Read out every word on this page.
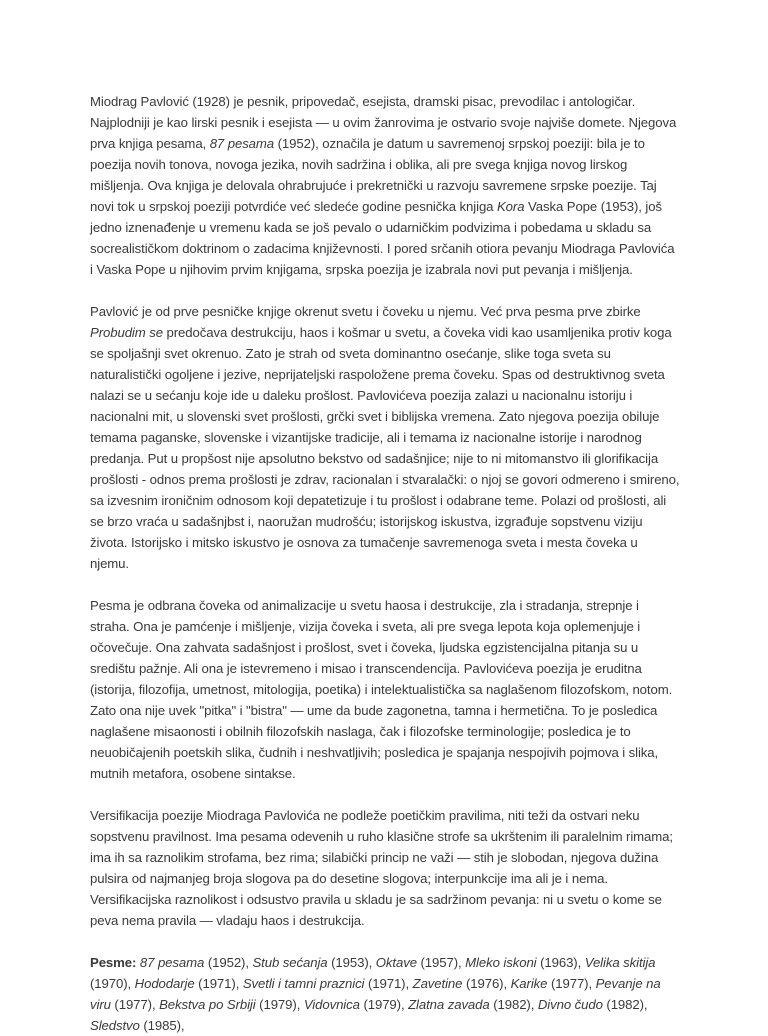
Miodrag Pavlović (1928) je pesnik, pripovedač, esejista, dramski pisac, prevodilac i antologičar.
Najplodniji je kao lirski pesnik i esejista — u ovim žanrovima je ostvario svoje najviše domete. Njegova prva knjiga pesama, 87 pesama (1952), označila je datum u savremenoj srpskoj poeziji: bila je to poezija novih tonova, novoga jezika, novih sadržina i oblika, ali pre svega knjiga novog lirskog mišljenja. Ova knjiga je delovala ohrabrujuće i prekretnički u razvoju savremene srpske poezije. Taj novi tok u srpskoj poeziji potvrdiće već sledeće godine pesnička knjiga Kora Vaska Pope (1953), još jedno iznenađenje u vremenu kada se još pevalo o udarničkim podvizima i pobedama u skladu sa socrealističkom doktrinom o zadacima književnosti. I pored srčanih otiora pevanju Miodraga Pavlovića i Vaska Pope u njihovim prvim knjigama, srpska poezija je izabrala novi put pevanja i mišljenja.

Pavlović je od prve pesničke knjige okrenut svetu i čoveku u njemu. Već prva pesma prve zbirke
Probudim se predočava destrukciju, haos i košmar u svetu, a čoveka vidi kao usamljenika protiv koga se spoljašnji svet okrenuo. Zato je strah od sveta dominantno osećanje, slike toga sveta su naturalistički ogoljene i jezive, neprijateljski raspoložene prema čoveku. Spas od destruktivnog sveta nalazi se u sećanju koje ide u daleku prošlost. Pavlovićeva poezija zalazi u nacionalnu istoriju i nacionalni mit, u slovenski svet prošlosti, grčki svet i biblijska vremena. Zato njegova poezija obiluje temama paganske, slovenske i vizantijske tradicije, ali i temama iz nacionalne istorije i narodnog predanja. Put u propšost nije apsolutno bekstvo od sadašnjice; nije to ni mitomanstvo ili glorifikacija prošlosti - odnos prema prošlosti je zdrav, racionalan i stvaralački: o njoj se govori odmereno i smireno, sa izvesnim ironičnim odnosom koji depatetizuje i tu prošlost i odabrane teme. Polazi od prošlosti, ali se brzo vraća u sadašnjbst i, naoružan mudrošću; istorijskog iskustva, izgrađuje sopstvenu viziju života. Istorijsko i mitsko iskustvo je osnova za tumačenje savremenoga sveta i mesta čoveka u njemu.

Pesma je odbrana čoveka od animalizacije u svetu haosa i destrukcije, zla i stradanja, strepnje i straha. Ona je pamćenje i mišljenje, vizija čoveka i sveta, ali pre svega lepota koja oplemenjuje i očovečuje. Ona zahvata sadašnjost i prošlost, svet i čoveka, ljudska egzistencijalna pitanja su u središtu pažnje. Ali ona je istevremeno i misao i transcendencija. Pavlovićeva poezija je eruditna (istorija, filozofija, umetnost, mitologija, poetika) i intelektualistička sa naglašenom filozofskom, notom. Zato ona nije uvek "pitka" i "bistra" — ume da bude zagonetna, tamna i hermetična. To je posledica naglašene misaonosti i obilnih filozofskih naslaga, čak i filozofske terminologije; posledica je to neuobičajenih poetskih slika, čudnih i neshvatljivih; posledica je spajanja nespojivih pojmova i slika, mutnih metafora, osobene sintakse.

Versifikacija poezije Miodraga Pavlovića ne podleže poetičkim pravilima, niti teži da ostvari neku sopstvenu pravilnost. Ima pesama odevenih u ruho klasične strofe sa ukrštenim ili paralelnim rimama; ima ih sa raznolikim strofama, bez rima; silabički princip ne važi — stih je slobodan, njegova dužina pulsira od najmanjeg broja slogova pa do desetine slogova; interpunkcije ima ali je i nema. Versifikacijska raznolikost i odsustvo pravila u skladu je sa sadržinom pevanja: ni u svetu o kome se peva nema pravila — vladaju haos i destrukcija.

Pesme: 87 pesama (1952), Stub sećanja (1953), Oktave (1957), Mleko iskoni (1963), Velika skitija (1970), Hododarje (1971), Svetli i tamni praznici (1971), Zavetine (1976), Karike (1977), Pevanje na viru (1977), Bekstva po Srbiji (1979), Vidovnica (1979), Zlatna zavada (1982), Divno čudo (1982), Sledstvo (1985),
